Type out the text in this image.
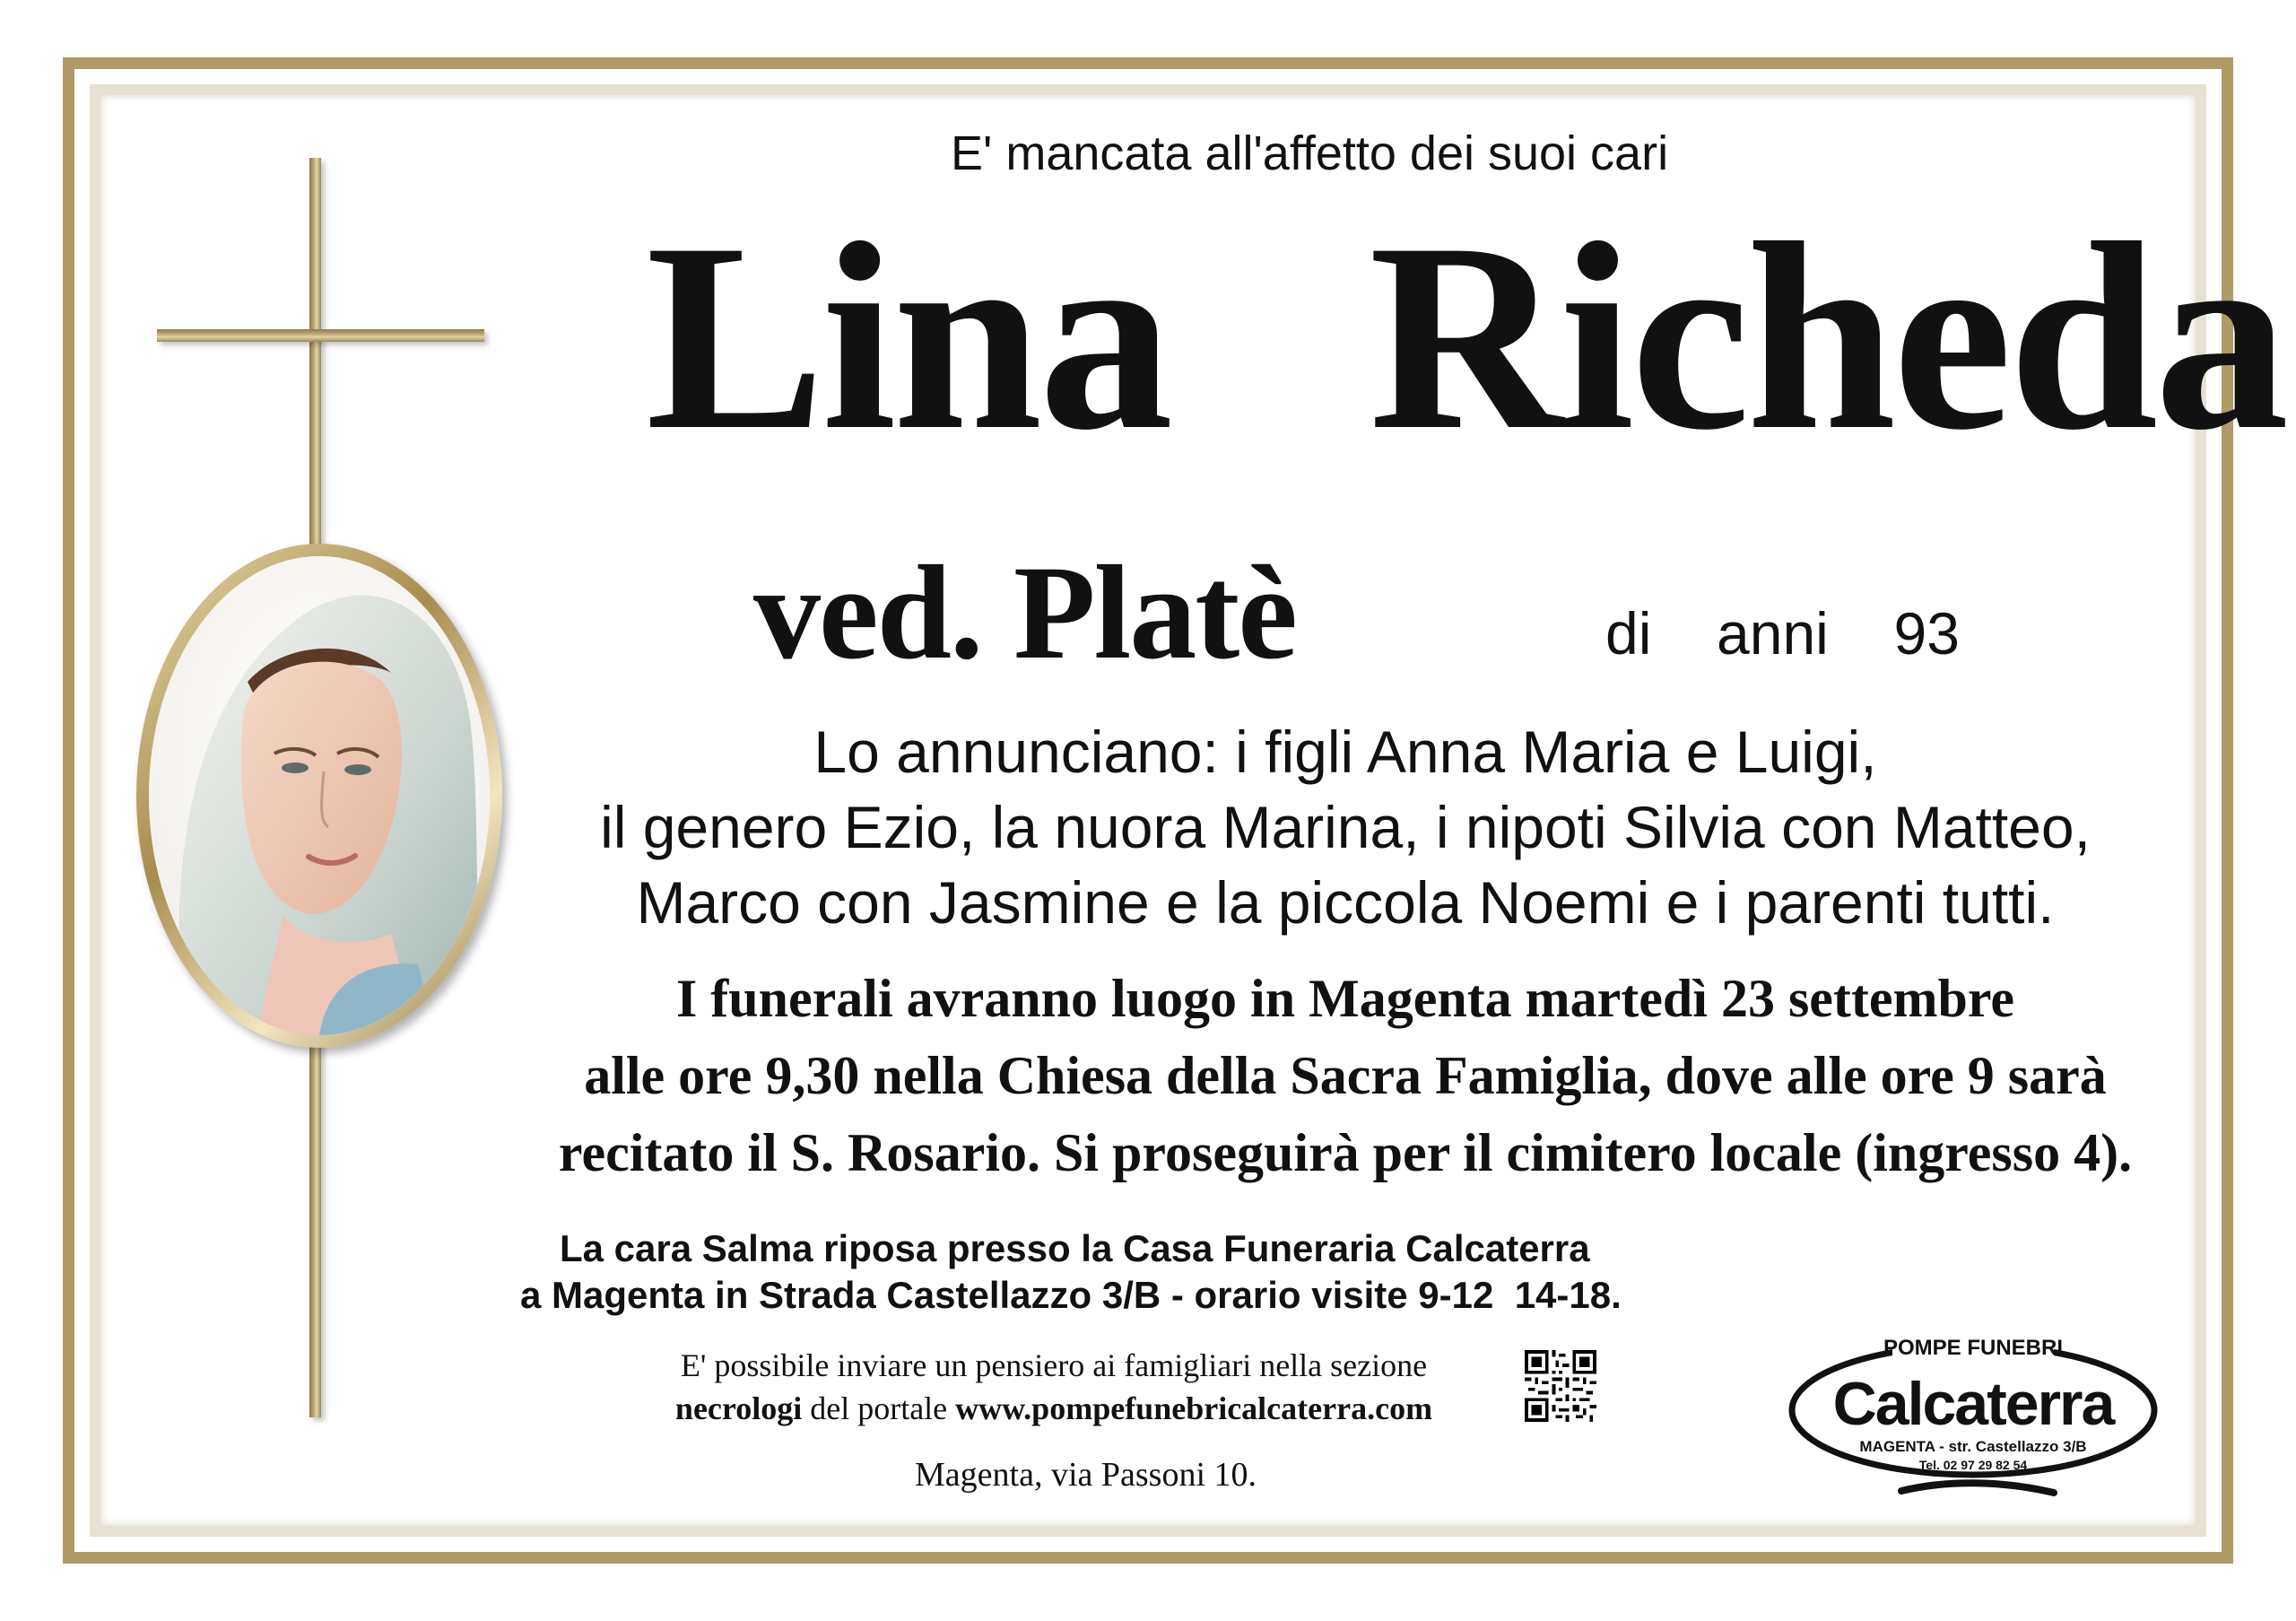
E' mancata all'affetto dei suoi cari
Lina  Richeda
ved. Platè	di  anni  93
Lo annunciano: i figli Anna Maria e Luigi,
il genero Ezio, la nuora Marina, i nipoti Silvia con Matteo,
Marco con Jasmine e la piccola Noemi e i parenti tutti.
I funerali avranno luogo in Magenta martedì 23 settembre
alle ore 9,30 nella Chiesa della Sacra Famiglia, dove alle ore 9 sarà
recitato il S. Rosario. Si proseguirà per il cimitero locale (ingresso 4).
La cara Salma riposa presso la Casa Funeraria Calcaterra
a Magenta in Strada Castellazzo 3/B - orario visite 9-12  14-18.
E' possibile inviare un pensiero ai famigliari nella sezione
necrologi del portale www.pompefunebricalcaterra.com
Magenta, via Passoni 10.
POMPE FUNEBRI
Calcaterra
MAGENTA - str. Castellazzo 3/B
Tel. 02 97 29 82 54
